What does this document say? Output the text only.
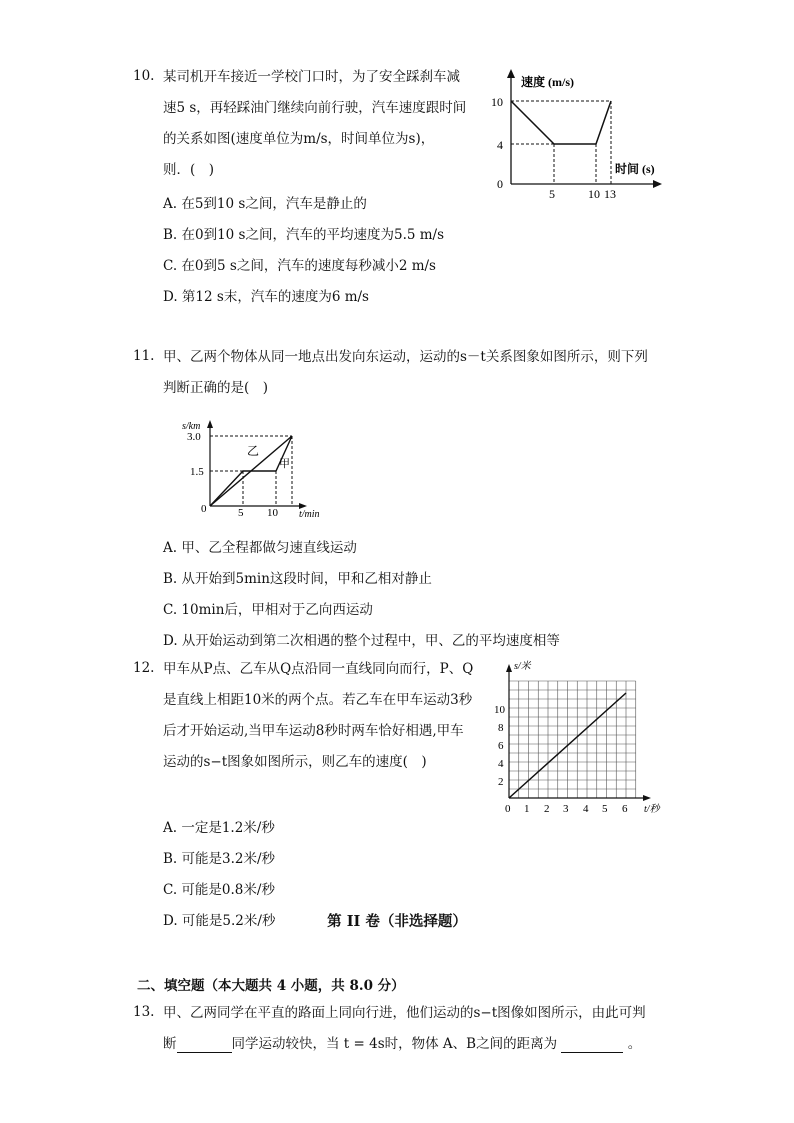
10. 某司机开车接近一学校门口时，为了安全踩刹车减
速5 s，再轻踩油门继续向前行驶，汽车速度跟时间
的关系如图(速度单位为m/s，时间单位为s)，
则．(　)
A. 在5到10 s之间，汽车是静止的
B. 在0到10 s之间，汽车的平均速度为5.5 m/s
C. 在0到5 s之间，汽车的速度每秒减小2 m/s
D. 第12 s末，汽车的速度为6 m/s
速度 (m/s)
时间 (s)
10
4
0
5	10 13
11. 甲、乙两个物体从同一地点出发向东运动，运动的s－t关系图象如图所示，则下列
判断正确的是(　)
s/km
t/min
3.0
1.5
0	5 10
乙
甲
A. 甲、乙全程都做匀速直线运动
B. 从开始到5min这段时间，甲和乙相对静止
C. 10min后，甲相对于乙向西运动
D. 从开始运动到第二次相遇的整个过程中，甲、乙的平均速度相等
12. 甲车从P点、乙车从Q点沿同一直线同向而行，P、Q
是直线上相距10米的两个点。若乙车在甲车运动3秒
后才开始运动,当甲车运动8秒时两车恰好相遇,甲车
运动的s−t图象如图所示，则乙车的速度(　)
A. 一定是1.2米/秒
B. 可能是3.2米/秒
C. 可能是0.8米/秒
D. 可能是5.2米/秒
s/米
t/秒
10
8
6
4
2
0 1 2 3 4 5 6
第 II 卷（非选择题）
二、填空题（本大题共 4 小题，共 8.0 分）
13. 甲、乙两同学在平直的路面上同向行进，他们运动的s−t图像如图所示，由此可判
断	同学运动较快，当 t = 4s时，物体 A、B之间的距离为	。
